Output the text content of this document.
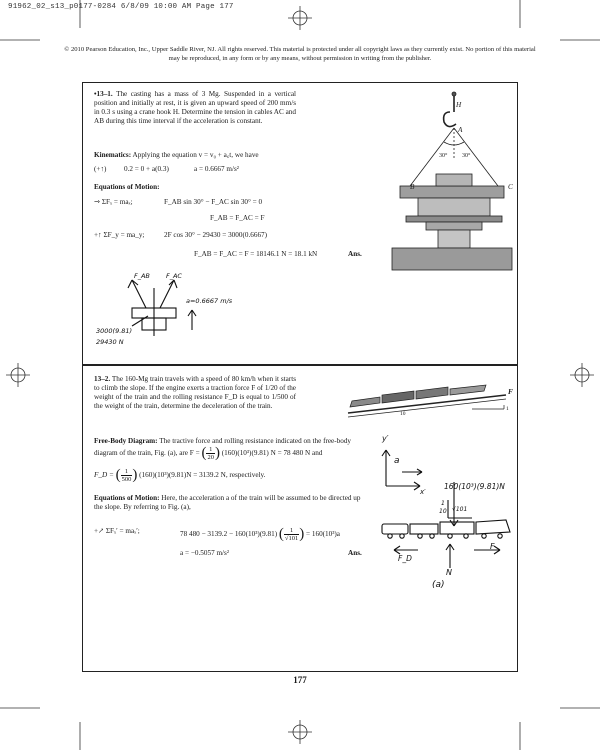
91962_02_s13_p0177-0284 6/8/09 10:00 AM Page 177
© 2010 Pearson Education, Inc., Upper Saddle River, NJ. All rights reserved. This material is protected under all copyright laws as they currently exist. No portion of this material may be reproduced, in any form or by any means, without permission in writing from the publisher.
•13–1. The casting has a mass of 3 Mg. Suspended in a vertical position and initially at rest, it is given an upward speed of 200 mm/s in 0.3 s using a crane hook H. Determine the tension in cables AC and AB during this time interval if the acceleration is constant.
Kinematics: Applying the equation v = v₀ + a꜀t, we have
(+↑) 0.2 = 0 + a(0.3)	a = 0.6667 m/s²
Equations of Motion:
⇾ ΣFₓ = maₓ;	F_AB sin 30° − F_AC sin 30° = 0
F_AB = F_AC = F
+↑ ΣF_y = ma_y;	2F cos 30° − 29430 = 3000(0.6667)
F_AB = F_AC = F = 18146.1 N = 18.1 kN	Ans.
H
30° 30°
B	C
A
F_AB F_AC
a=0.6667 m/s
3000(9.81)
29430 N
13–2. The 160-Mg train travels with a speed of 80 km/h when it starts to climb the slope. If the engine exerts a traction force F of 1/20 of the weight of the train and the rolling resistance F_D is equal to 1/500 of the weight of the train, determine the deceleration of the train.
F
10
1
Free-Body Diagram: The tractive force and rolling resistance indicated on the free-body diagram of the train, Fig. (a), are F = ( $\frac{1}{20}$ ) (160)(10³)(9.81) N = 78 480 N and
F_D = ( $\frac{1}{500}$ ) (160)(10³)(9.81)N = 3139.2 N, respectively.
Equations of Motion: Here, the acceleration a of the train will be assumed to be directed up the slope. By referring to Fig. (a),
+↗ ΣFₓ′ = maₓ′;	78 480 − 3139.2 − 160(10³)(9.81) ( $\frac{1}{√101}$ ) = 160(10³)a
a = −0.5057 m/s²	Ans.
y′
a
x′
160(10³)(9.81)N
1
10 √101
F_D
F
N
(a)
177
